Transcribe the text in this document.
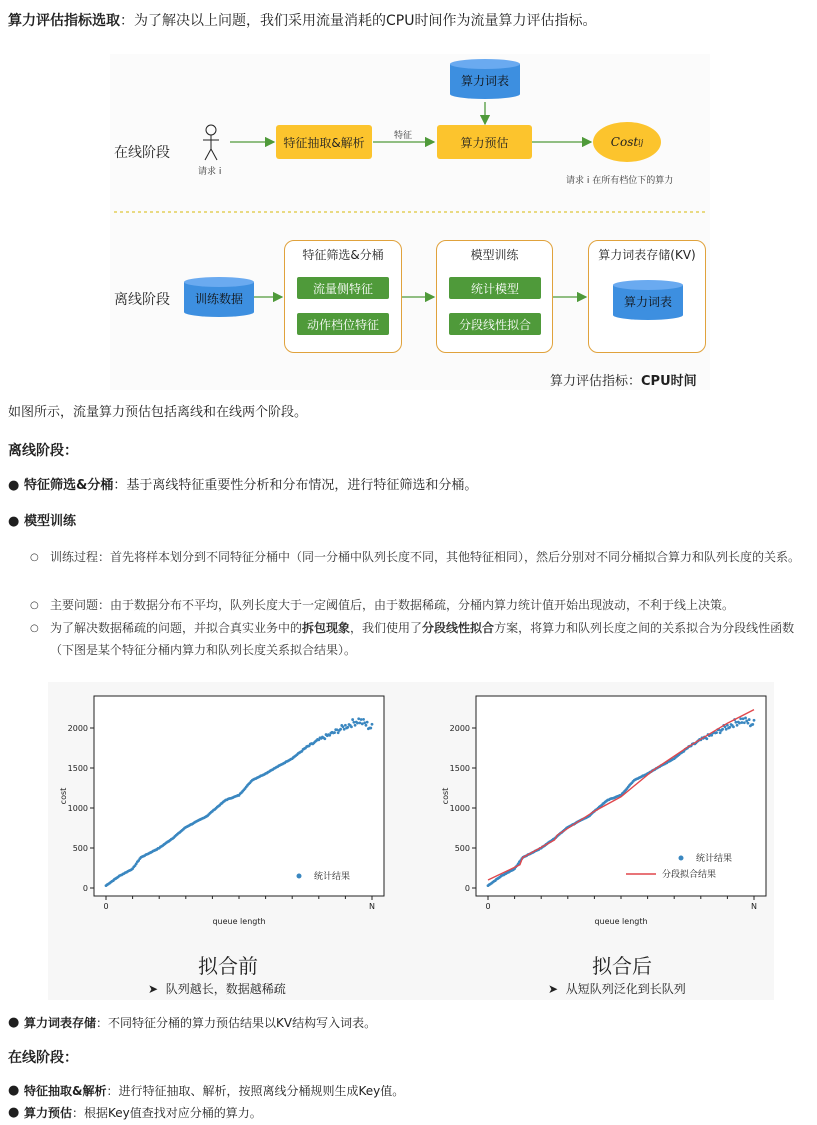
算力评估指标选取：为了解决以上问题，我们采用流量消耗的CPU时间作为流量算力评估指标。
在线阶段
离线阶段
请求 i
特征抽取&解析	特征	算力预估
算力词表
Cost ij
请求 i 在所有档位下的算力
训练数据
特征筛选&分桶
流量侧特征
动作档位特征
模型训练
统计模型
分段线性拟合
算力词表存储(KV)
算力词表
算力评估指标：CPU时间
如图所示，流量算力预估包括离线和在线两个阶段。
离线阶段：
● 特征筛选&分桶：基于离线特征重要性分析和分布情况，进行特征筛选和分桶。
● 模型训练
○ 训练过程：首先将样本划分到不同特征分桶中（同一分桶中队列长度不同，其他特征相同），然后分别对不同分桶拟合算力和队列长度的关系。
○ 主要问题：由于数据分布不平均，队列长度大于一定阈值后，由于数据稀疏，分桶内算力统计值开始出现波动，不利于线上决策。
○ 为了解决数据稀疏的问题，并拟合真实业务中的拆包现象，我们使用了分段线性拟合方案，将算力和队列长度之间的关系拟合为分段线性函数（下图是某个特征分桶内算力和队列长度关系拟合结果）。
0
500
1000
1500
2000
0	N
cost
queue length
统计结果
0
500
1000
1500
2000
0	N
cost
queue length
统计结果
分段拟合结果
拟合前
➤ 队列越长，数据越稀疏
拟合后
➤ 从短队列泛化到长队列
● 算力词表存储：不同特征分桶的算力预估结果以KV结构写入词表。
在线阶段：
● 特征抽取&解析：进行特征抽取、解析，按照离线分桶规则生成Key值。
● 算力预估：根据Key值查找对应分桶的算力。
